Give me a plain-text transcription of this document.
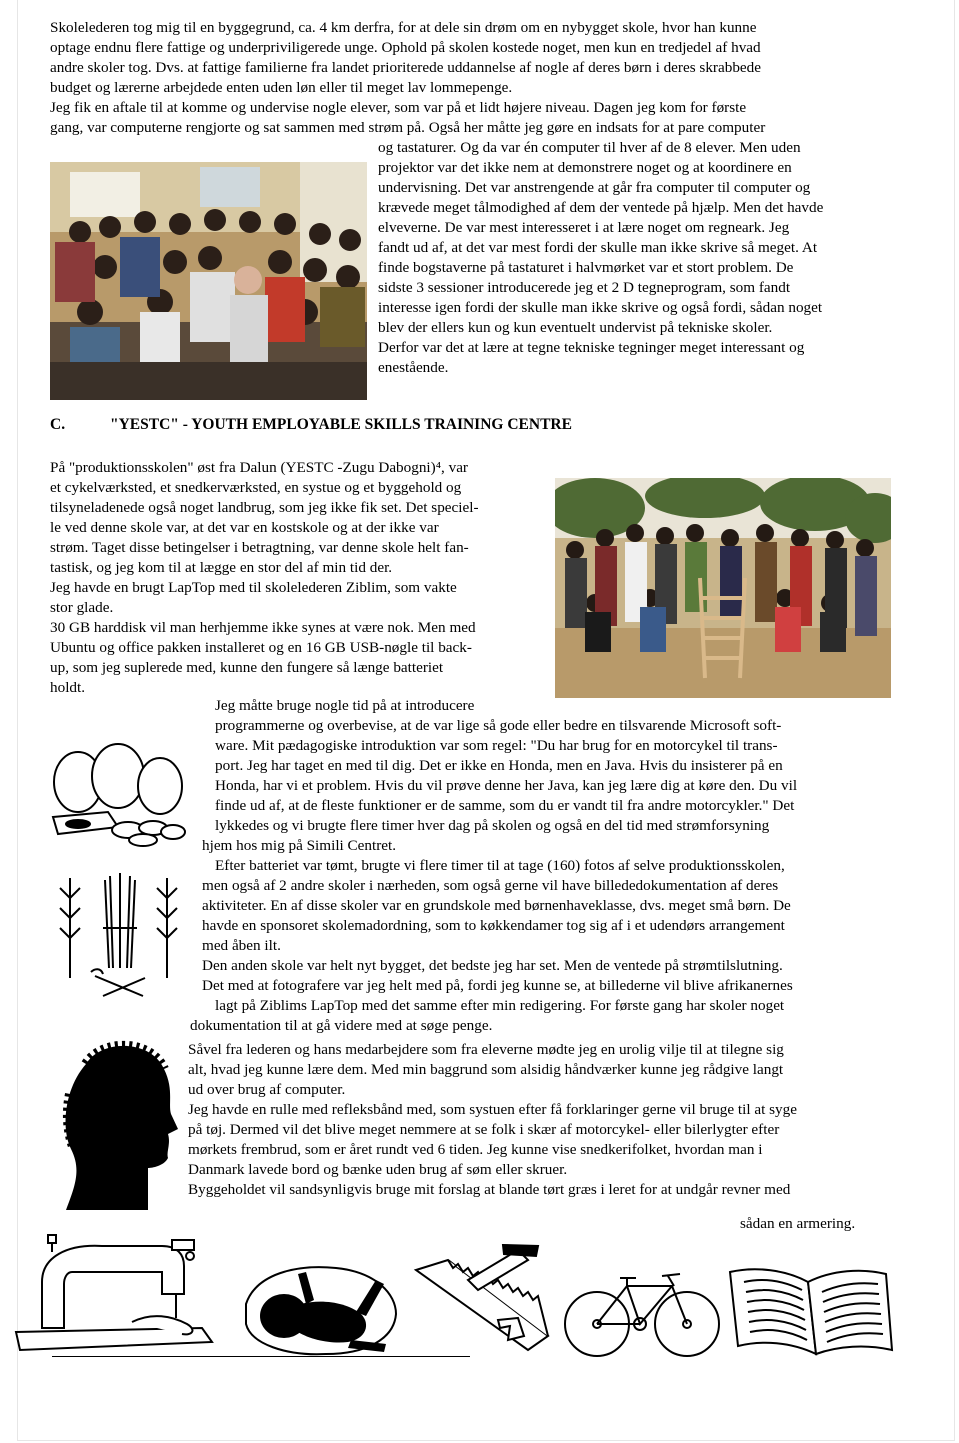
Skolelederen tog mig til en byggegrund, ca. 4 km derfra, for at dele sin drøm om en nybygget skole, hvor han kunne
optage endnu flere fattige og underpriviligerede unge. Ophold på skolen kostede noget, men kun en tredjedel af hvad
andre skoler tog. Dvs. at fattige familierne fra landet prioriterede uddannelse af nogle af deres børn i deres skrabbede
budget og lærerne arbejdede enten uden løn eller til meget lav lommepenge.
Jeg fik en aftale til at komme og undervise nogle elever, som var på et lidt højere niveau. Dagen jeg kom for første
gang, var computerne rengjorte og sat sammen med strøm på. Også her måtte jeg gøre en indsats for at pare computer
og tastaturer. Og da var én computer til hver af de 8 elever. Men uden
projektor var det ikke nem at demonstrere noget og at koordinere en
undervisning. Det var anstrengende at går fra computer til computer og
krævede meget tålmodighed af dem der ventede på hjælp. Men det havde
elveverne. De var mest interesseret i at lære noget om regneark. Jeg
fandt ud af, at det var mest fordi der skulle man ikke skrive så meget. At
finde bogstaverne på tastaturet i halvmørket var et stort problem. De
sidste 3 sessioner introducerede jeg et 2 D tegneprogram, som fandt
interesse igen fordi der skulle man ikke skrive og også fordi, sådan noget
blev der ellers kun og kun eventuelt undervist på tekniske skoler.
Derfor var det at lære at tegne tekniske tegninger meget interessant og
enestående.
C.	"YESTC" - YOUTH EMPLOYABLE SKILLS TRAINING CENTRE
På "produktionsskolen" øst fra Dalun (YESTC -Zugu Dabogni)⁴, var
et cykelværksted, et snedkerværksted, en systue og et byggehold og
tilsyneladenede også noget landbrug, som jeg ikke fik set. Det speciel-
le ved denne skole var, at det var en kostskole og at der ikke var
strøm. Taget disse betingelser i betragtning, var denne skole helt fan-
tastisk, og jeg kom til at lægge en stor del af min tid der.
Jeg havde en brugt LapTop med til skolelederen Ziblim, som vakte
stor glade.
30 GB harddisk vil man herhjemme ikke synes at være nok. Men med
Ubuntu og office pakken installeret og en 16 GB USB-nøgle til back-
up, som jeg suplerede med, kunne den fungere så længe batteriet
holdt.
Jeg måtte bruge nogle tid på at introducere
programmerne og overbevise, at de var lige så gode eller bedre en tilsvarende Microsoft soft-
ware. Mit pædagogiske introduktion var som regel: "Du har brug for en motorcykel til trans-
port. Jeg har taget en med til dig. Det er ikke en Honda, men en Java. Hvis du insisterer på en
Honda, har vi et problem. Hvis du vil prøve denne her Java, kan jeg lære dig at køre den. Du vil
finde ud af, at de fleste funktioner er de samme, som du er vandt til fra andre motorcykler." Det
lykkedes og vi brugte flere timer hver dag på skolen og også en del tid med strømforsyning
hjem hos mig på Simili Centret.
Efter batteriet var tømt, brugte vi flere timer til at tage (160) fotos af selve produktionsskolen,
men også af 2 andre skoler i nærheden, som også gerne vil have billededokumentation af deres
aktiviteter. En af disse skoler var en grundskole med børnenhaveklasse, dvs. meget små børn. De
havde en sponsoret skolemadordning, som to køkkendamer tog sig af i et udendørs arrangement
med åben ilt.
Den anden skole var helt nyt bygget, det bedste jeg har set. Men de ventede på strømtilslutning.
Det med at fotografere var jeg helt med på, fordi jeg kunne se, at billederne vil blive afrikanernes
lagt på Ziblims LapTop med det samme efter min redigering. For første gang har skoler noget
dokumentation til at gå videre med at søge penge.
Såvel fra lederen og hans medarbejdere som fra eleverne mødte jeg en urolig vilje til at tilegne sig
alt, hvad jeg kunne lære dem. Med min baggrund som alsidig håndværker kunne jeg rådgive langt
ud over brug af computer.
Jeg havde en rulle med refleksbånd med, som systuen efter få forklaringer gerne vil bruge til at syge
på tøj. Dermed vil det blive meget nemmere at se folk i skær af motorcykel- eller bilerlygter efter
mørkets frembrud, som er året rundt ved 6 tiden. Jeg kunne vise snedkerifolket, hvordan man i
Danmark lavede bord og bænke uden brug af søm eller skruer.
Byggeholdet vil sandsynligvis bruge mit forslag at blande tørt græs i leret for at undgår revner med
sådan en armering.
